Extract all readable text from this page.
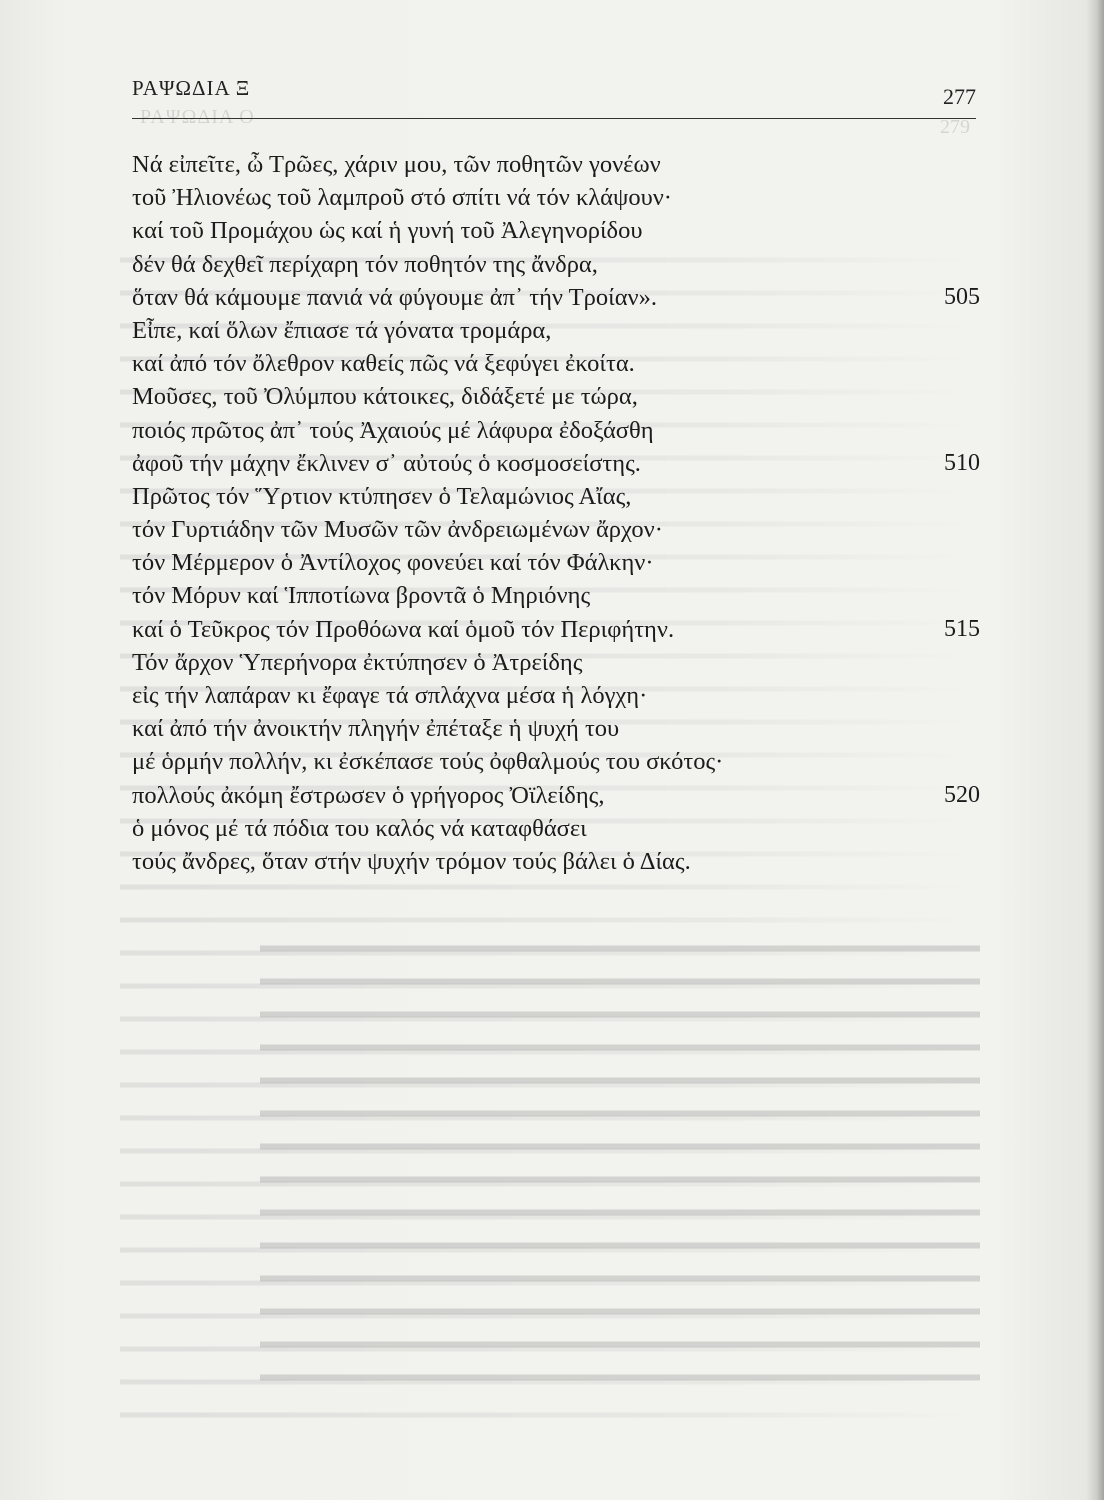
ΡΑΨΩΔΙΑ Ο	279
ΡΑΨΩΔΙΑ Ξ	277
Νά εἰπεῖτε, ὦ Τρῶες, χάριν μου, τῶν ποθητῶν γονέων
τοῦ Ἠλιονέως τοῦ λαμπροῦ στό σπίτι νά τόν κλάψουν·
καί τοῦ Προμάχου ὡς καί ἡ γυνή τοῦ Ἀλεγηνορίδου
δέν θά δεχθεῖ περίχαρη τόν ποθητόν της ἄνδρα,
ὅταν θά κάμουμε πανιά νά φύγουμε ἀπ᾿ τήν Τροίαν».	505
Εἶπε, καί ὅλων ἔπιασε τά γόνατα τρομάρα,
καί ἀπό τόν ὄλεθρον καθείς πῶς νά ξεφύγει ἐκοίτα.
Μοῦσες, τοῦ Ὀλύμπου κάτοικες, διδάξετέ με τώρα,
ποιός πρῶτος ἀπ᾿ τούς Ἀχαιούς μέ λάφυρα ἐδοξάσθη
ἀφοῦ τήν μάχην ἔκλινεν σ᾿ αὐτούς ὁ κοσμοσείστης.	510
Πρῶτος τόν Ὕρτιον κτύπησεν ὁ Τελαμώνιος Αἴας,
τόν Γυρτιάδην τῶν Μυσῶν τῶν ἀνδρειωμένων ἄρχον·
τόν Μέρμερον ὁ Ἀντίλοχος φονεύει καί τόν Φάλκην·
τόν Μόρυν καί Ἱπποτίωνα βροντᾶ ὁ Μηριόνης
καί ὁ Τεῦκρος τόν Προθόωνα καί ὁμοῦ τόν Περιφήτην.	515
Τόν ἄρχον Ὑπερήνορα ἐκτύπησεν ὁ Ἀτρείδης
εἰς τήν λαπάραν κι ἔφαγε τά σπλάχνα μέσα ἡ λόγχη·
καί ἀπό τήν ἀνοικτήν πληγήν ἐπέταξε ἡ ψυχή του
μέ ὁρμήν πολλήν, κι ἐσκέπασε τούς ὀφθαλμούς του σκότος·
πολλούς ἀκόμη ἔστρωσεν ὁ γρήγορος Ὀϊλείδης,	520
ὁ μόνος μέ τά πόδια του καλός νά καταφθάσει
τούς ἄνδρες, ὅταν στήν ψυχήν τρόμον τούς βάλει ὁ Δίας.
